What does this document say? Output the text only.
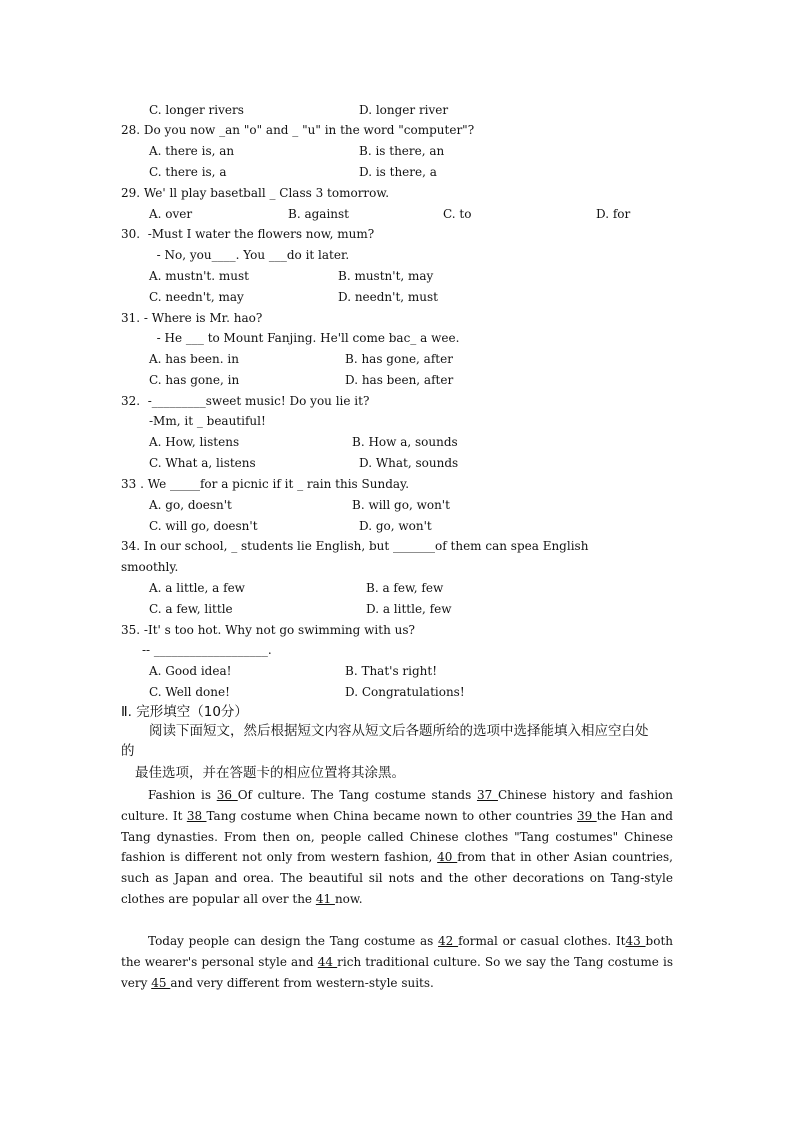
C. longer rivers	D. longer river
28. Do you now _an "o" and _ "u" in the word "computer"?
A. there is, an	B. is there, an
C. there is, a	D. is there, a
29. We' ll play basetball _ Class 3 tomorrow.
A. over	B. against	C. to	D. for
30.  -Must I water the flowers now, mum?
- No, you____. You ___do it later.
A. mustn't. must	B. mustn't, may
C. needn't, may	D. needn't, must
31. - Where is Mr. hao?
- He ___ to Mount Fanjing. He'll come bac_ a wee.
A. has been. in	B. has gone, after
C. has gone, in	D. has been, after
32.  -_________sweet music! Do you lie it?
-Mm, it _ beautiful!
A. How, listens	B. How a, sounds
C. What a, listens	D. What, sounds
33 . We _____for a picnic if it _ rain this Sunday.
A. go, doesn't	B. will go, won't
C. will go, doesn't	D. go, won't
34. In our school, _ students lie English, but _______of them can spea English
smoothly.
A. a little, a few	B. a few, few
C. a few, little	D. a little, few
35. -It' s too hot. Why not go swimming with us?
-- ___________________.
A. Good idea!	B. That's right!
C. Well done!	D. Congratulations!
Ⅱ. 完形填空（10分）
阅读下面短文，然后根据短文内容从短文后各题所给的选项中选择能填入相应空白处
的
最佳选项，并在答题卡的相应位置将其涂黑。
Fashion is 36 Of culture. The Tang costume stands 37 Chinese history and fashion culture. It 38 Tang costume when China became nown to other countries 39 the Han and Tang dynasties. From then on, people called Chinese clothes "Tang costumes" Chinese fashion is different not only from western fashion, 40 from that in other Asian countries, such as Japan and orea. The beautiful sil nots and the other decorations on Tang-style clothes are popular all over the 41 now.
Today people can design the Tang costume as 42 formal or casual clothes. It43 both the wearer's personal style and 44 rich traditional culture. So we say the Tang costume is very 45 and very different from western-style suits.
